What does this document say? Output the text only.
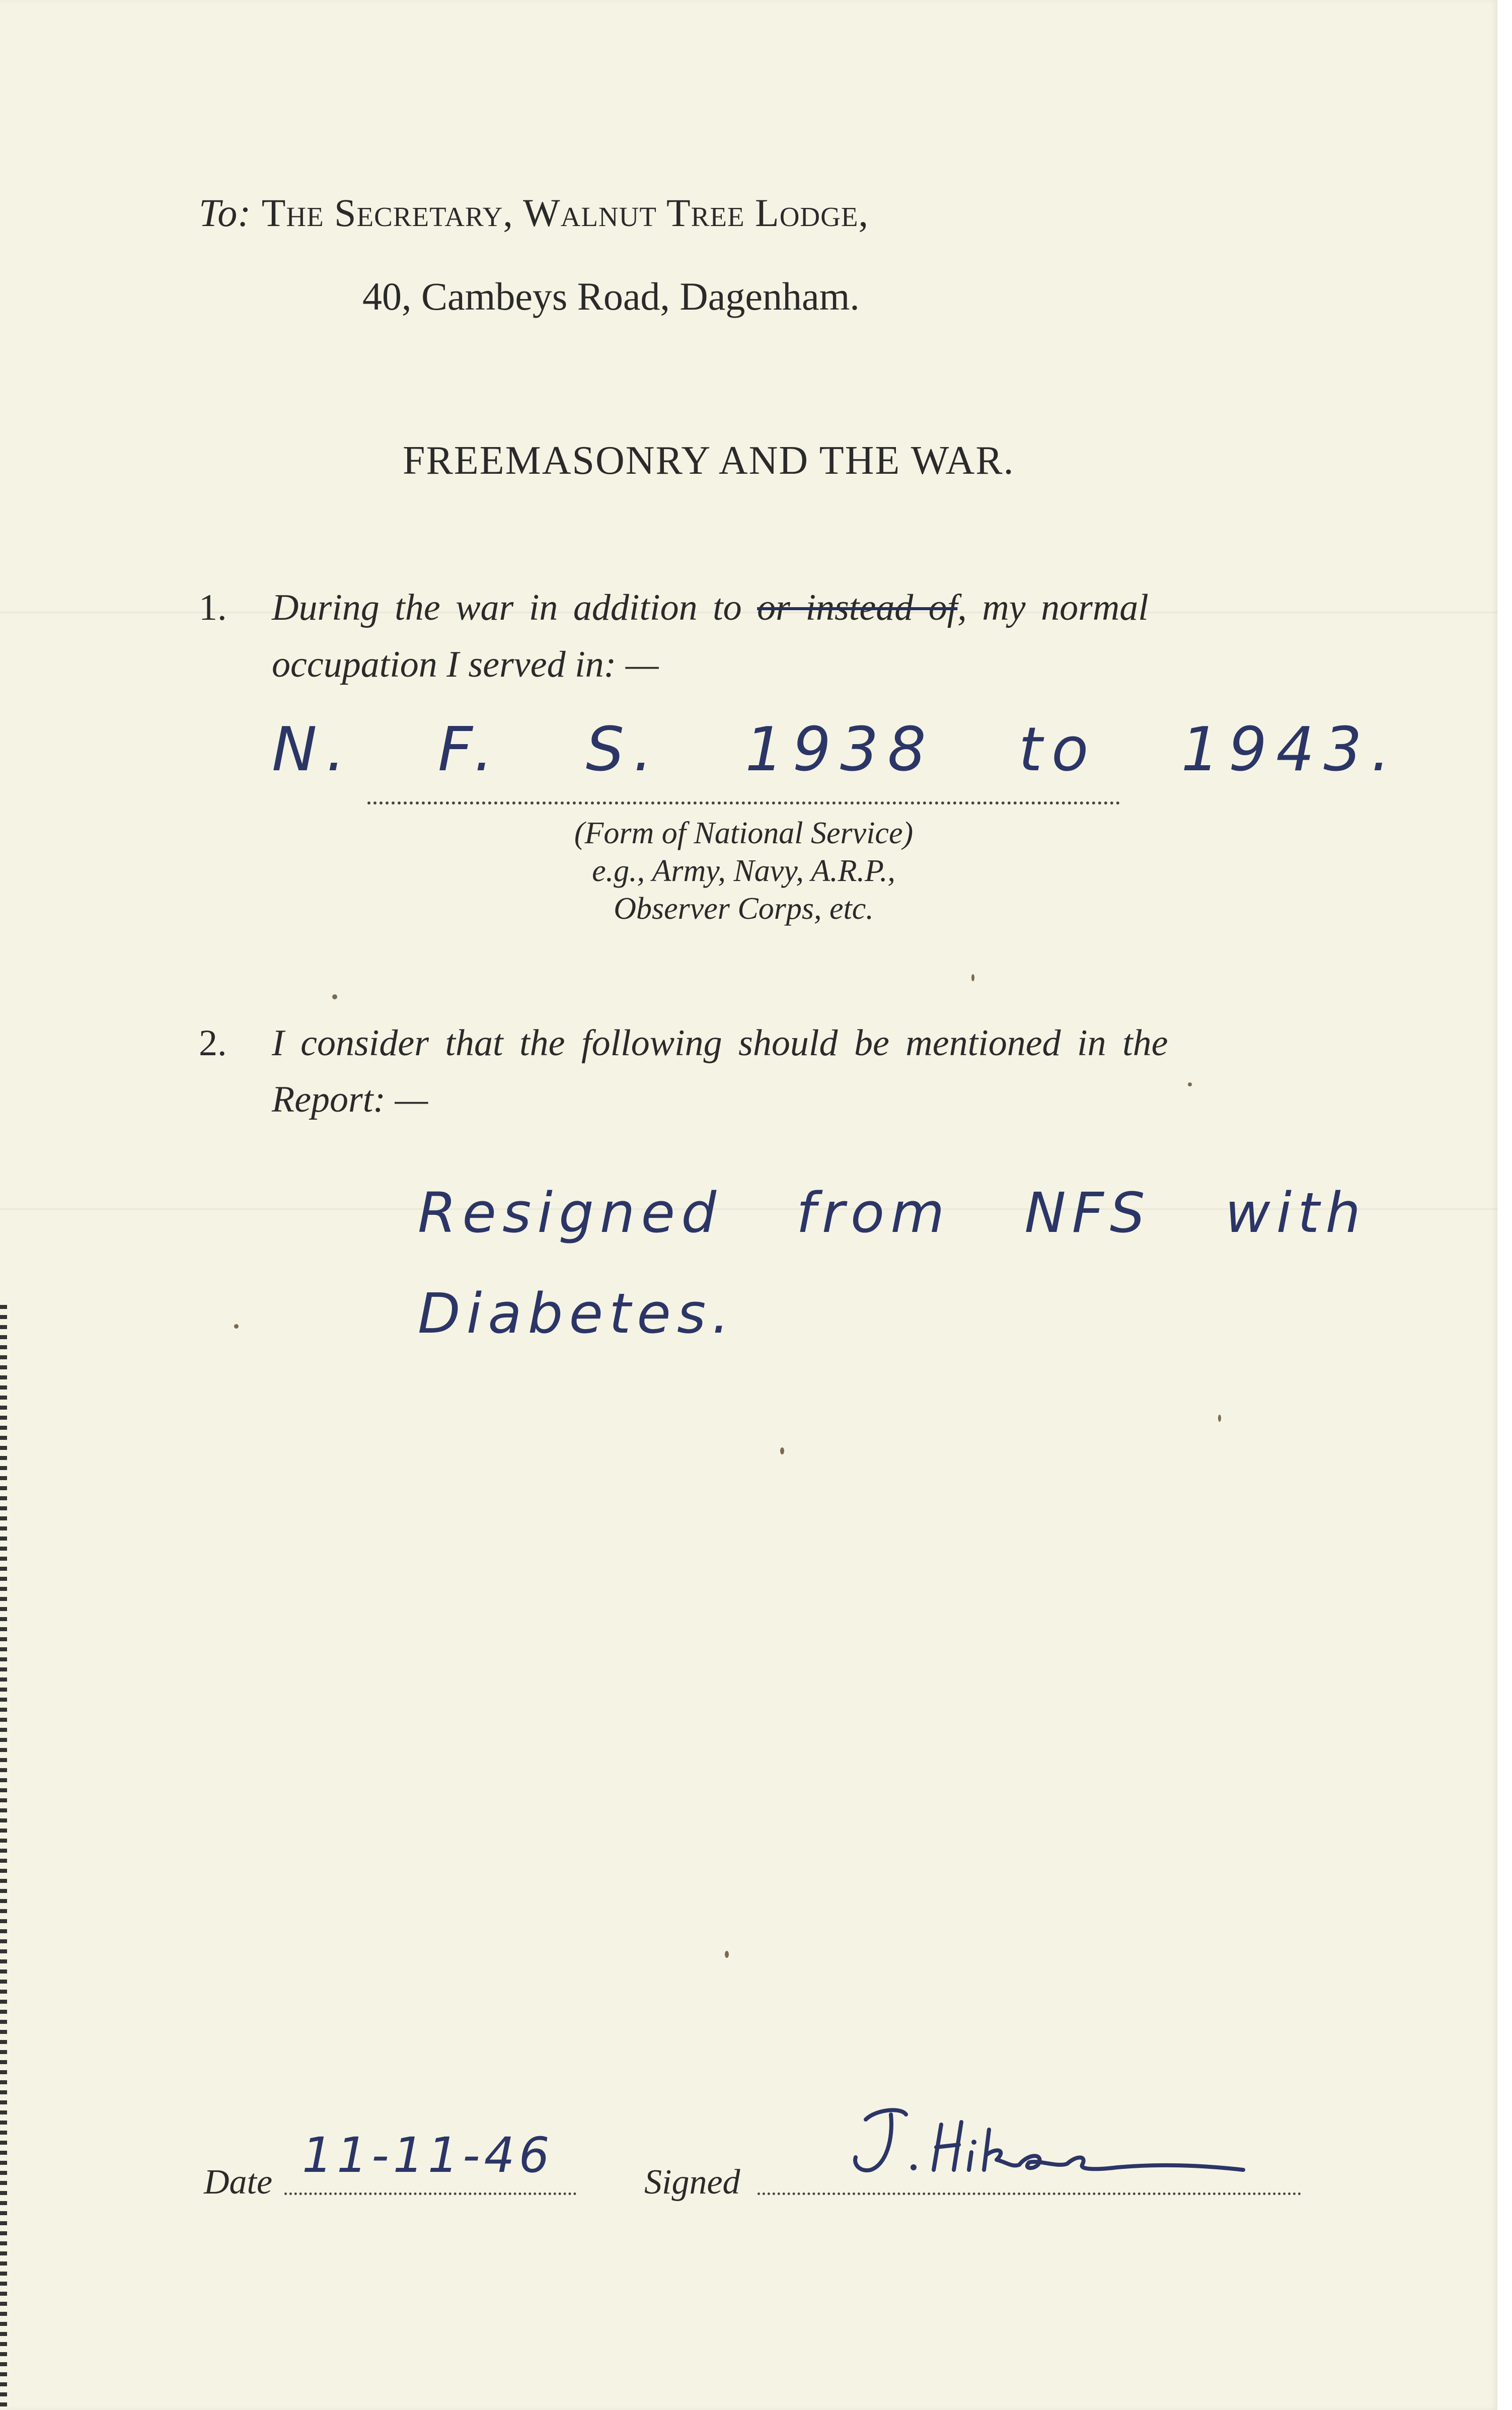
To: The Secretary, Walnut Tree Lodge,
40, Cambeys Road, Dagenham.
FREEMASONRY AND THE WAR.
1. During the war in addition to or instead of, my normal
occupation I served in: —
N. F. S. 1938 to 1943.
(Form of National Service)
e.g., Army, Navy, A.R.P.,
Observer Corps, etc.
2. I consider that the following should be mentioned in the
Report: —
Resigned from NFS with
Diabetes.
Date 11-11-46	Signed
